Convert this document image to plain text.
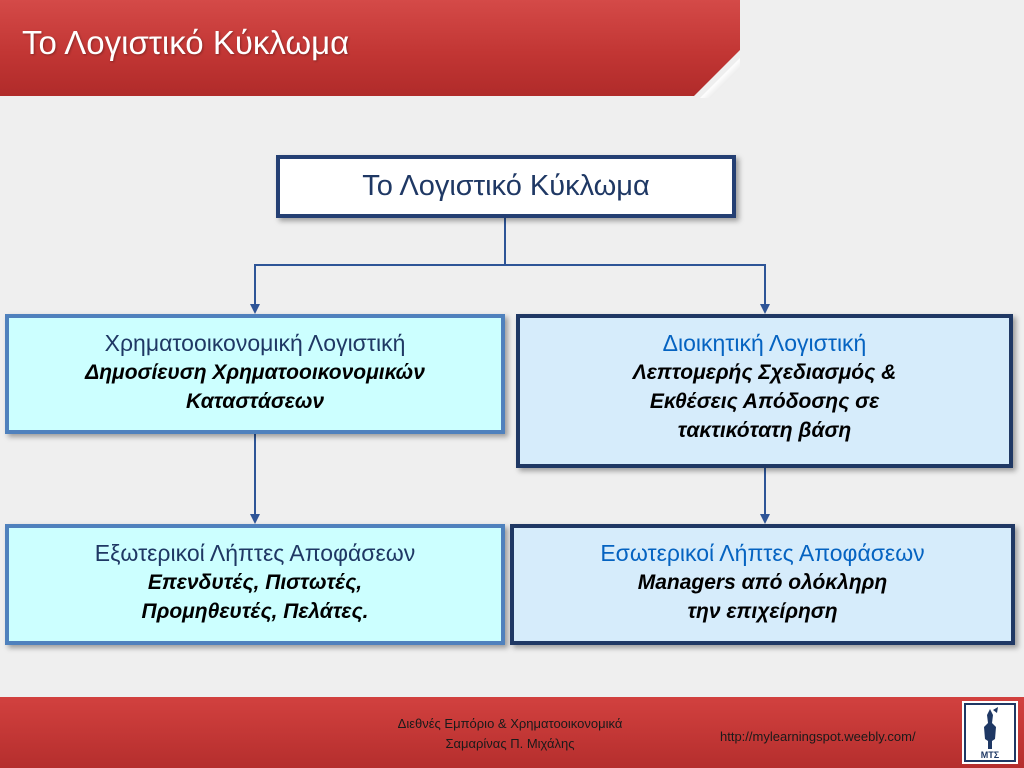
Το Λογιστικό Κύκλωμα
Το Λογιστικό Κύκλωμα
Χρηματοοικονομική Λογιστική
Δημοσίευση Χρηματοοικονομικών
Καταστάσεων
Διοικητική Λογιστική
Λεπτομερής Σχεδιασμός &
Εκθέσεις Απόδοσης σε
τακτικότατη βάση
Εξωτερικοί Λήπτες Αποφάσεων
Επενδυτές, Πιστωτές,
Προμηθευτές, Πελάτες.
Εσωτερικοί Λήπτες Αποφάσεων
Managers από ολόκληρη
την επιχείρηση
Διεθνές Εμπόριο & Χρηματοοικονομικά
Σαμαρίνας Π. Μιχάλης	http://mylearningspot.weebly.com/
ΜΤΣ
